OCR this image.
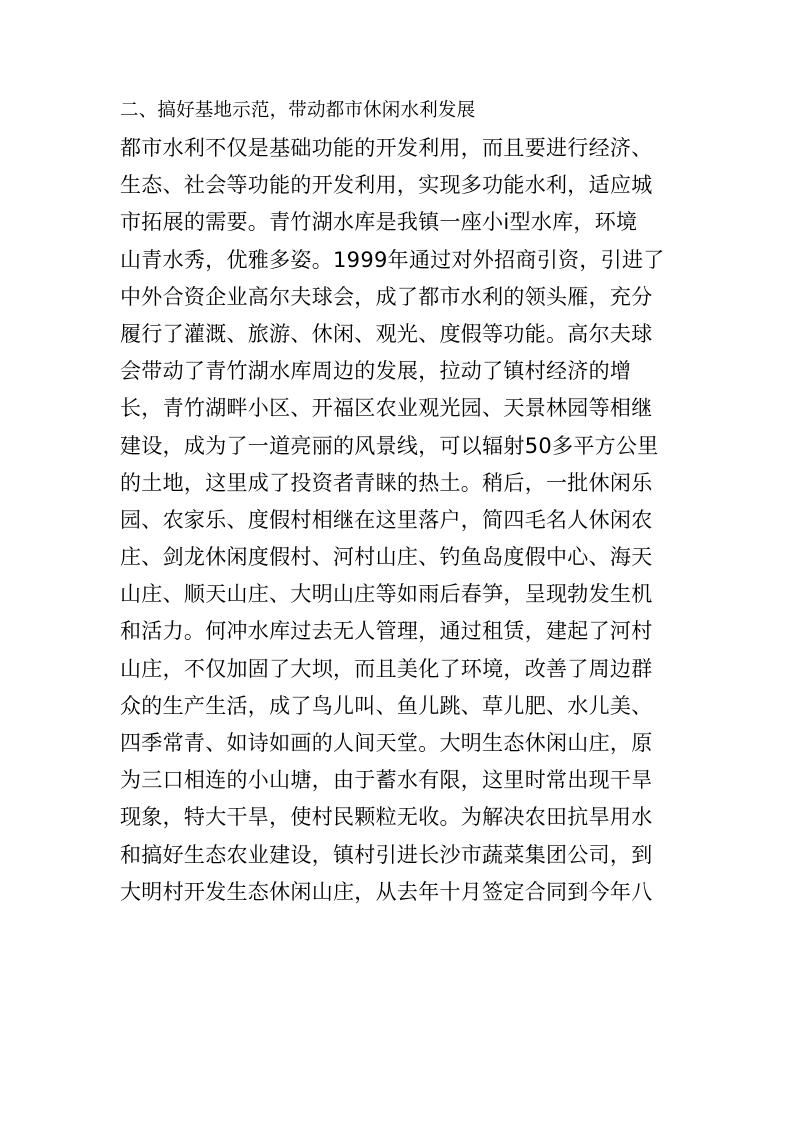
二、搞好基地示范，带动都市休闲水利发展
都市水利不仅是基础功能的开发利用，而且要进行经济、
生态、社会等功能的开发利用，实现多功能水利，适应城
市拓展的需要。青竹湖水库是我镇一座小ⅰ型水库，环境
山青水秀，优雅多姿。1999年通过对外招商引资，引进了
中外合资企业高尔夫球会，成了都市水利的领头雁，充分
履行了灌溉、旅游、休闲、观光、度假等功能。高尔夫球
会带动了青竹湖水库周边的发展，拉动了镇村经济的增
长，青竹湖畔小区、开福区农业观光园、天景林园等相继
建设，成为了一道亮丽的风景线，可以辐射50多平方公里
的土地，这里成了投资者青睐的热土。稍后，一批休闲乐
园、农家乐、度假村相继在这里落户，简四毛名人休闲农
庄、剑龙休闲度假村、河村山庄、钓鱼岛度假中心、海天
山庄、顺天山庄、大明山庄等如雨后春笋，呈现勃发生机
和活力。何冲水库过去无人管理，通过租赁，建起了河村
山庄，不仅加固了大坝，而且美化了环境，改善了周边群
众的生产生活，成了鸟儿叫、鱼儿跳、草儿肥、水儿美、
四季常青、如诗如画的人间天堂。大明生态休闲山庄，原
为三口相连的小山塘，由于蓄水有限，这里时常出现干旱
现象，特大干旱，使村民颗粒无收。为解决农田抗旱用水
和搞好生态农业建设，镇村引进长沙市蔬菜集团公司，到
大明村开发生态休闲山庄，从去年十月签定合同到今年八
